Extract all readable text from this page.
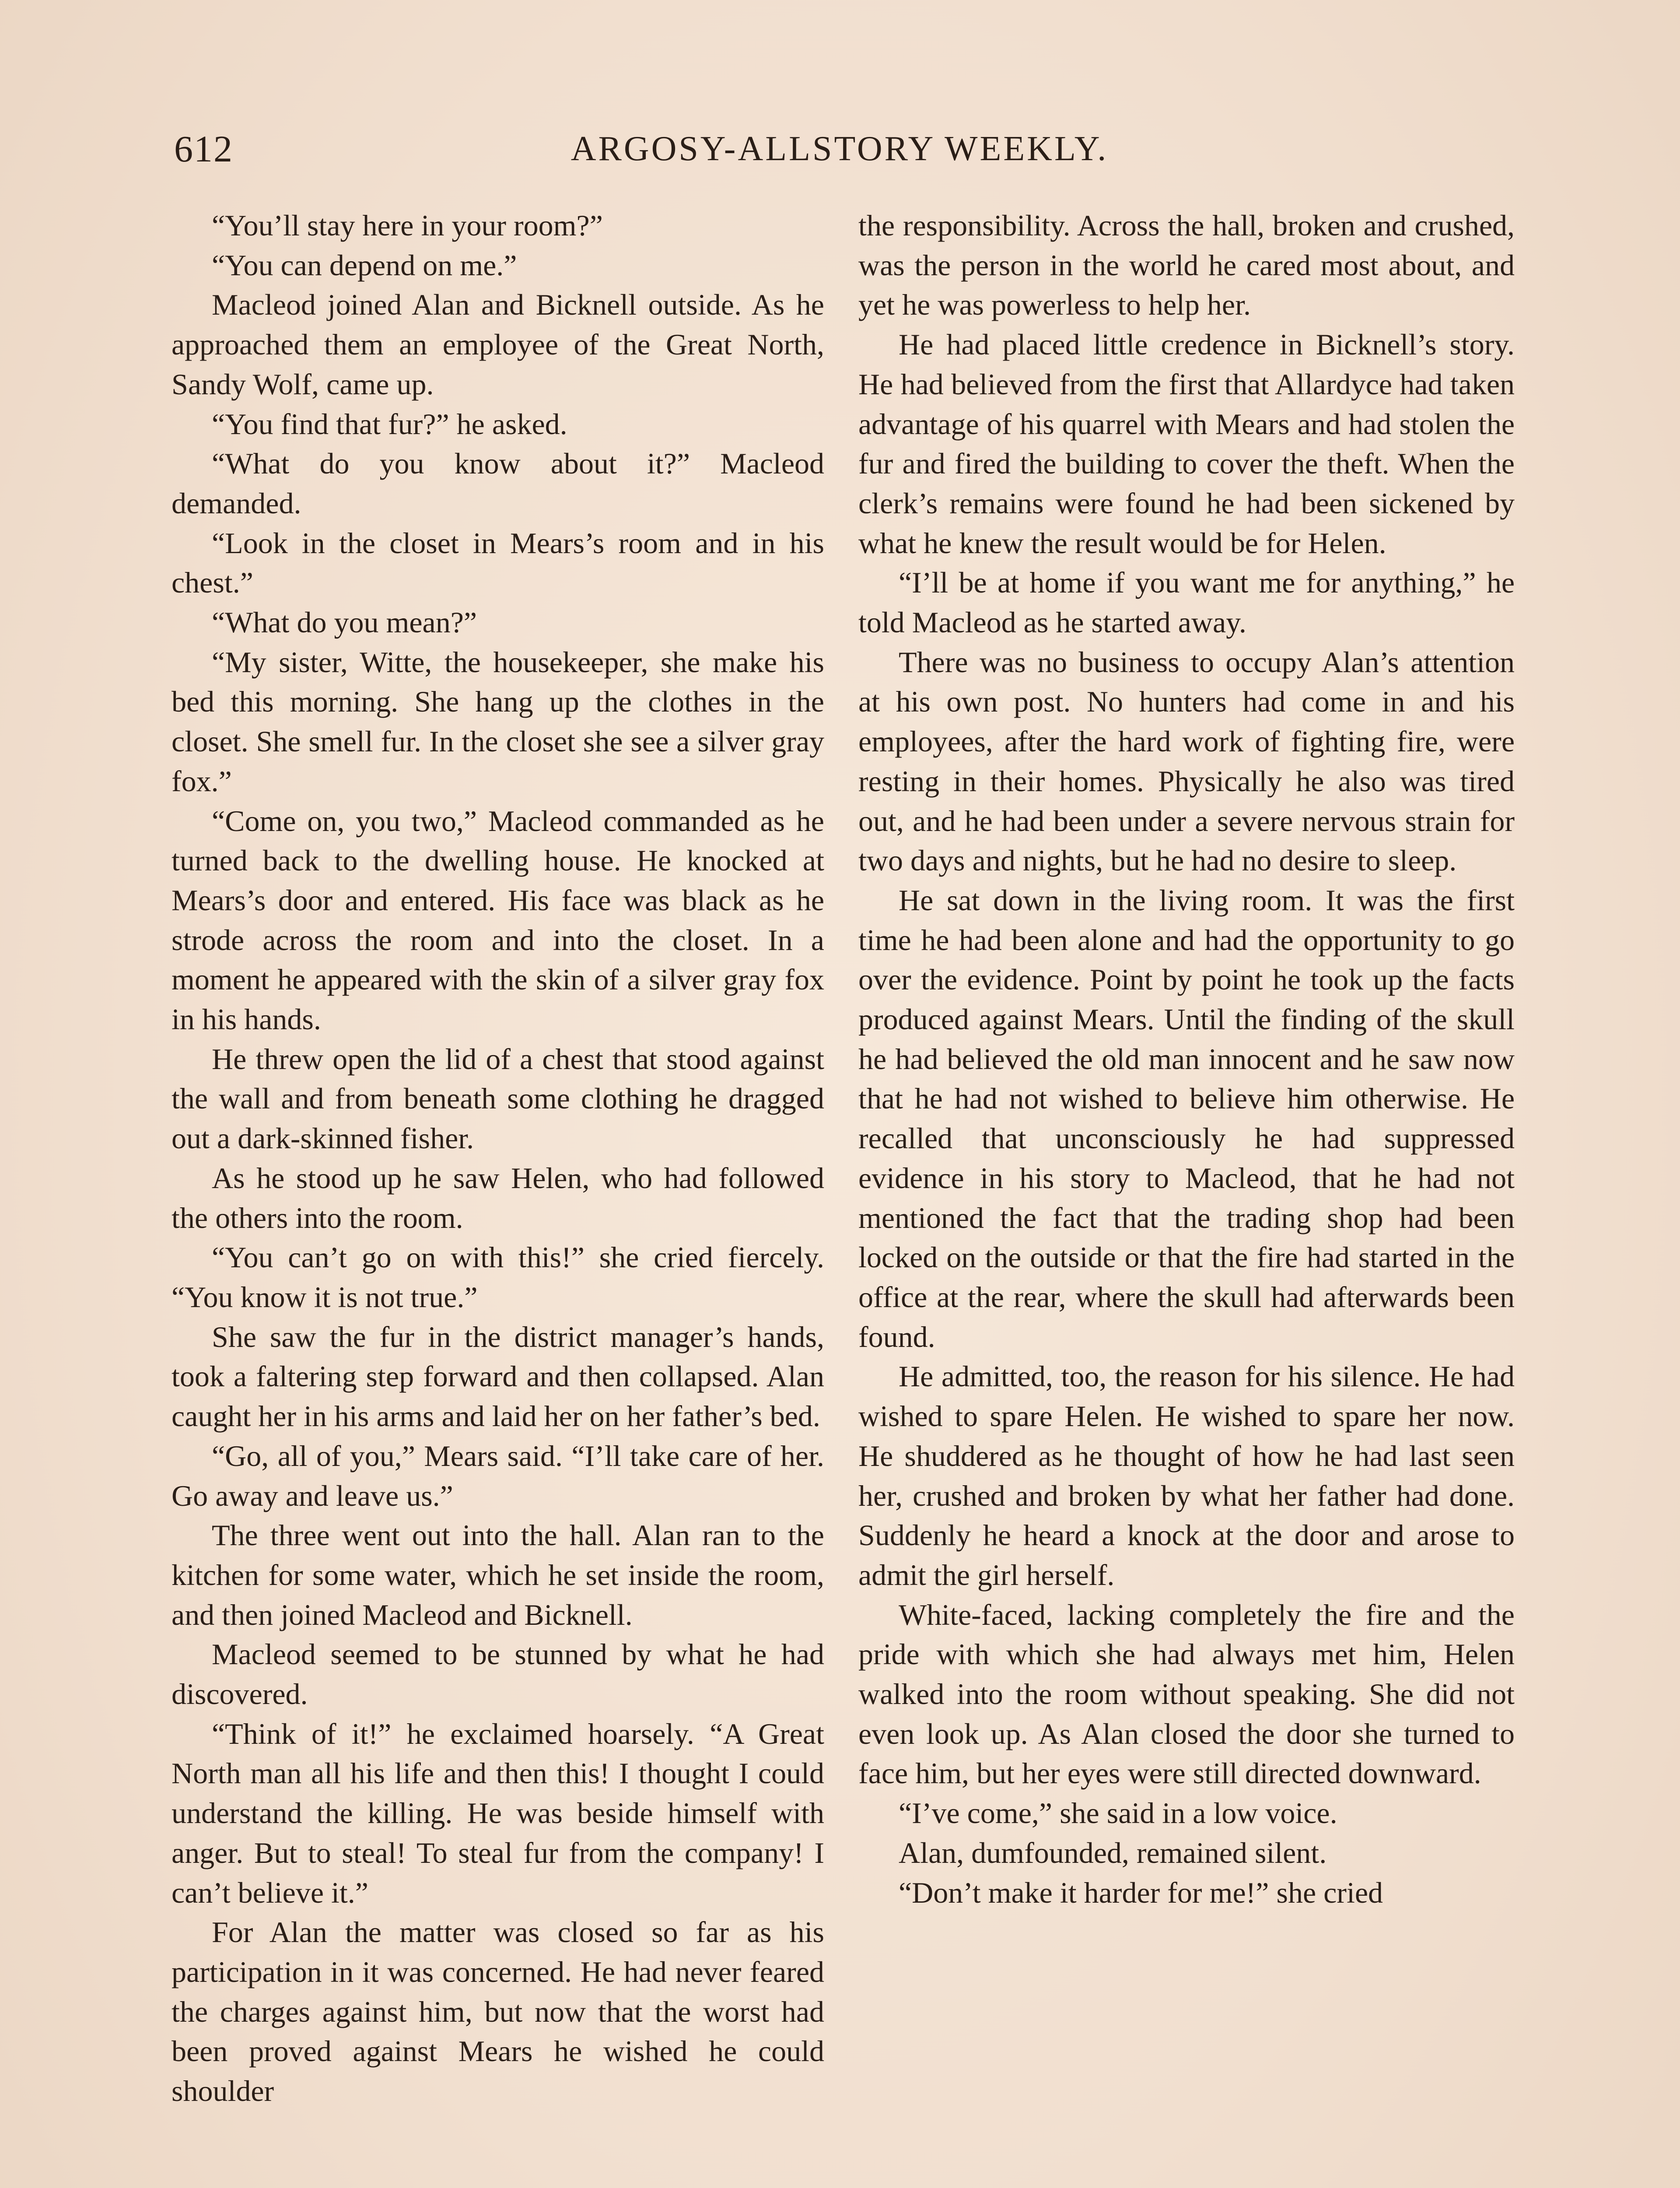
612	ARGOSY-ALLSTORY WEEKLY.

“You’ll stay here in your room?”

“You can depend on me.”

Macleod joined Alan and Bicknell outside. As he approached them an employee of the Great North, Sandy Wolf, came up.

“You find that fur?” he asked.

“What do you know about it?” Macleod demanded.

“Look in the closet in Mears’s room and in his chest.”

“What do you mean?”

“My sister, Witte, the housekeeper, she make his bed this morning. She hang up the clothes in the closet. She smell fur. In the closet she see a silver gray fox.”

“Come on, you two,” Macleod commanded as he turned back to the dwelling house. He knocked at Mears’s door and entered. His face was black as he strode across the room and into the closet. In a moment he appeared with the skin of a silver gray fox in his hands.

He threw open the lid of a chest that stood against the wall and from beneath some clothing he dragged out a dark-skinned fisher.

As he stood up he saw Helen, who had followed the others into the room.

“You can’t go on with this!” she cried fiercely. “You know it is not true.”

She saw the fur in the district manager’s hands, took a faltering step forward and then collapsed. Alan caught her in his arms and laid her on her father’s bed.

“Go, all of you,” Mears said. “I’ll take care of her. Go away and leave us.”

The three went out into the hall. Alan ran to the kitchen for some water, which he set inside the room, and then joined Macleod and Bicknell.

Macleod seemed to be stunned by what he had discovered.

“Think of it!” he exclaimed hoarsely. “A Great North man all his life and then this! I thought I could understand the killing. He was beside himself with anger. But to steal! To steal fur from the company! I can’t believe it.”

For Alan the matter was closed so far as his participation in it was concerned. He had never feared the charges against him, but now that the worst had been proved against Mears he wished he could shoulder

the responsibility. Across the hall, broken and crushed, was the person in the world he cared most about, and yet he was powerless to help her.

He had placed little credence in Bicknell’s story. He had believed from the first that Allardyce had taken advantage of his quarrel with Mears and had stolen the fur and fired the building to cover the theft. When the clerk’s remains were found he had been sickened by what he knew the result would be for Helen.

“I’ll be at home if you want me for anything,” he told Macleod as he started away.

There was no business to occupy Alan’s attention at his own post. No hunters had come in and his employees, after the hard work of fighting fire, were resting in their homes. Physically he also was tired out, and he had been under a severe nervous strain for two days and nights, but he had no desire to sleep.

He sat down in the living room. It was the first time he had been alone and had the opportunity to go over the evidence. Point by point he took up the facts produced against Mears. Until the finding of the skull he had believed the old man innocent and he saw now that he had not wished to believe him otherwise. He recalled that unconsciously he had suppressed evidence in his story to Macleod, that he had not mentioned the fact that the trading shop had been locked on the outside or that the fire had started in the office at the rear, where the skull had afterwards been found.

He admitted, too, the reason for his silence. He had wished to spare Helen. He wished to spare her now. He shuddered as he thought of how he had last seen her, crushed and broken by what her father had done. Suddenly he heard a knock at the door and arose to admit the girl herself.

White-faced, lacking completely the fire and the pride with which she had always met him, Helen walked into the room without speaking. She did not even look up. As Alan closed the door she turned to face him, but her eyes were still directed downward.

“I’ve come,” she said in a low voice.

Alan, dumfounded, remained silent.

“Don’t make it harder for me!” she cried
